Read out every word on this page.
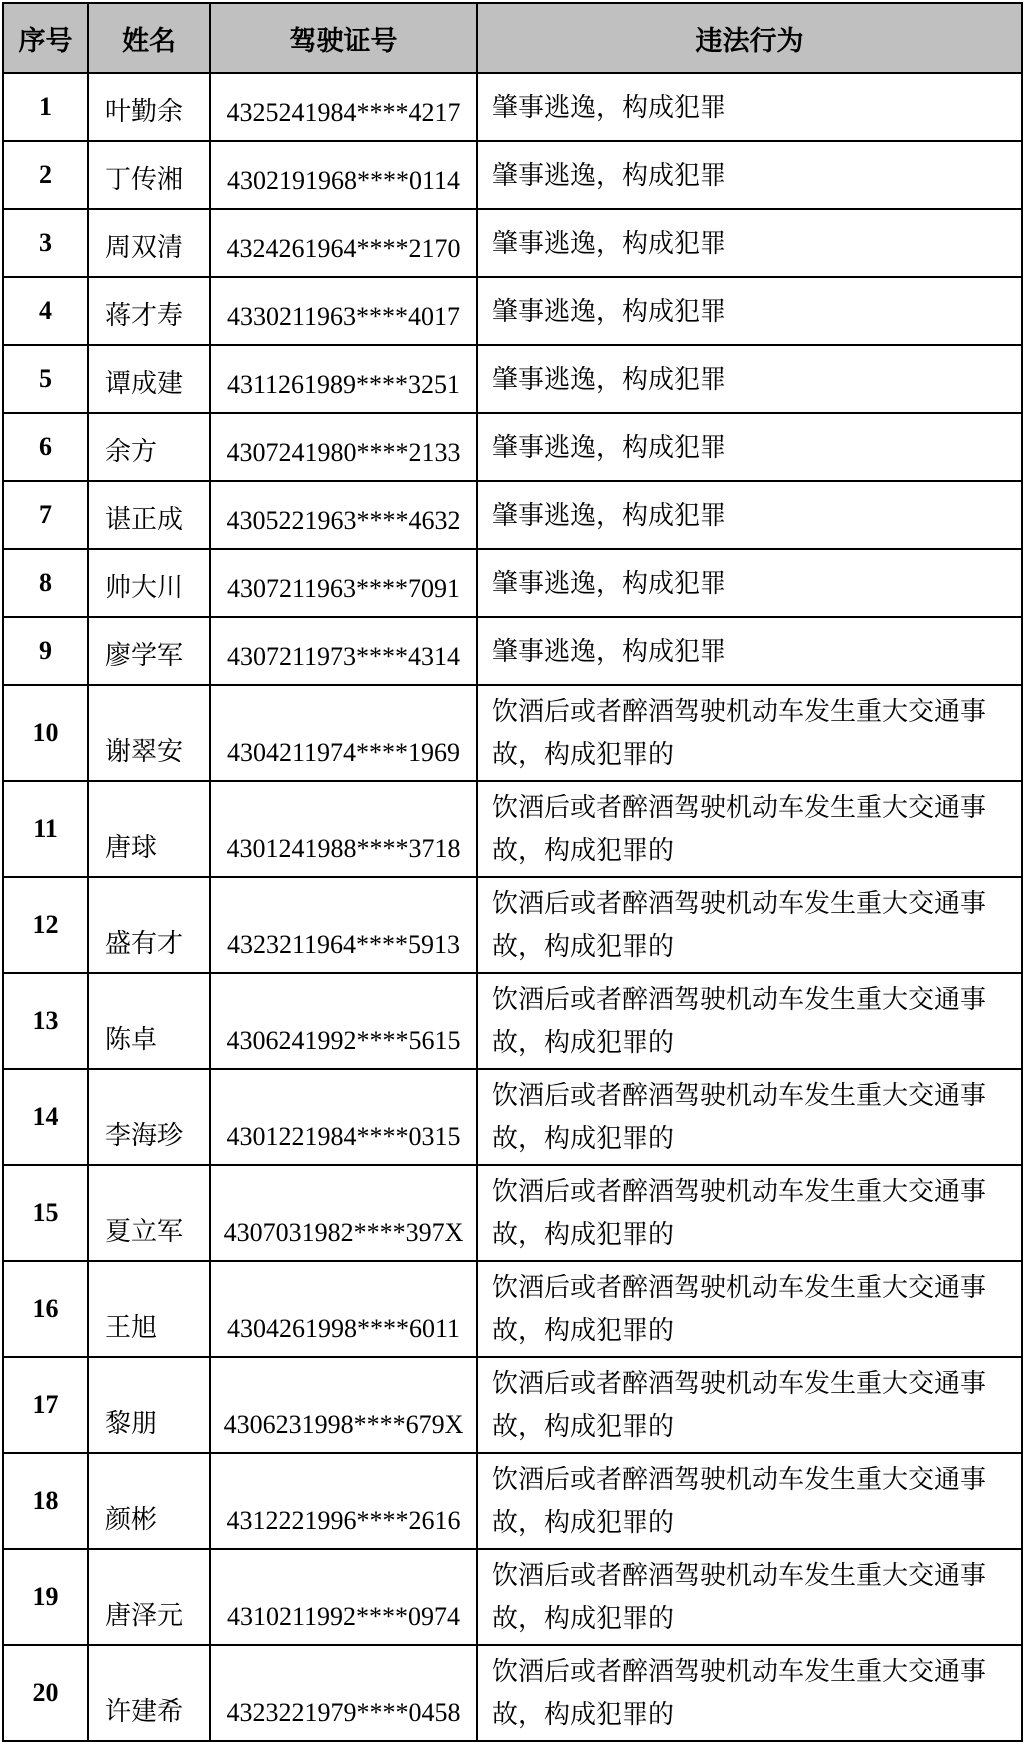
序号	姓名	驾驶证号	违法行为
1	叶勤余	4325241984****4217	肇事逃逸，构成犯罪
2	丁传湘	4302191968****0114	肇事逃逸，构成犯罪
3	周双清	4324261964****2170	肇事逃逸，构成犯罪
4	蒋才寿	4330211963****4017	肇事逃逸，构成犯罪
5	谭成建	4311261989****3251	肇事逃逸，构成犯罪
6	余方	4307241980****2133	肇事逃逸，构成犯罪
7	谌正成	4305221963****4632	肇事逃逸，构成犯罪
8	帅大川	4307211963****7091	肇事逃逸，构成犯罪
9	廖学军	4307211973****4314	肇事逃逸，构成犯罪
10	谢翠安	4304211974****1969	饮酒后或者醉酒驾驶机动车发生重大交通事故，构成犯罪的
11	唐球	4301241988****3718	饮酒后或者醉酒驾驶机动车发生重大交通事故，构成犯罪的
12	盛有才	4323211964****5913	饮酒后或者醉酒驾驶机动车发生重大交通事故，构成犯罪的
13	陈卓	4306241992****5615	饮酒后或者醉酒驾驶机动车发生重大交通事故，构成犯罪的
14	李海珍	4301221984****0315	饮酒后或者醉酒驾驶机动车发生重大交通事故，构成犯罪的
15	夏立军	4307031982****397X	饮酒后或者醉酒驾驶机动车发生重大交通事故，构成犯罪的
16	王旭	4304261998****6011	饮酒后或者醉酒驾驶机动车发生重大交通事故，构成犯罪的
17	黎朋	4306231998****679X	饮酒后或者醉酒驾驶机动车发生重大交通事故，构成犯罪的
18	颜彬	4312221996****2616	饮酒后或者醉酒驾驶机动车发生重大交通事故，构成犯罪的
19	唐泽元	4310211992****0974	饮酒后或者醉酒驾驶机动车发生重大交通事故，构成犯罪的
20	许建希	4323221979****0458	饮酒后或者醉酒驾驶机动车发生重大交通事故，构成犯罪的
